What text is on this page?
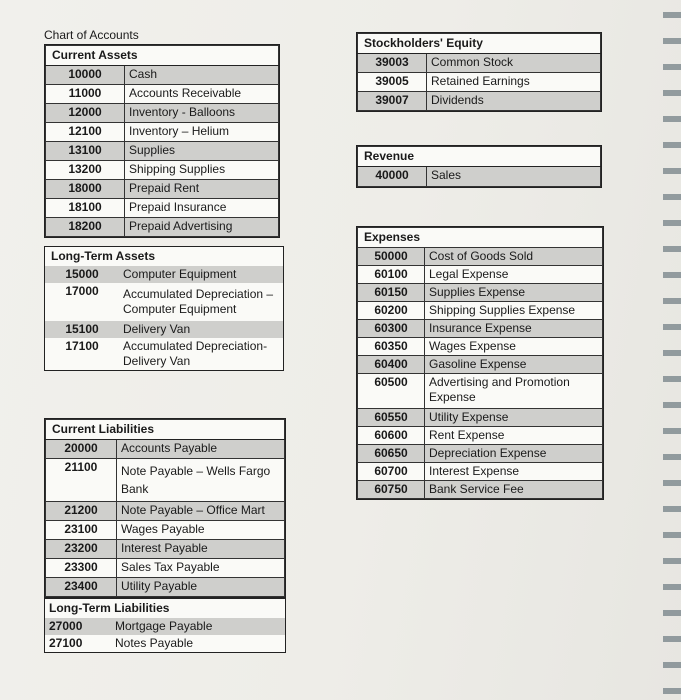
Chart of Accounts
Current Assets	
10000	Cash
11000	Accounts Receivable
12000	Inventory - Balloons
12100	Inventory – Helium
13100	Supplies
13200	Shipping Supplies
18000	Prepaid Rent
18100	Prepaid Insurance
18200	Prepaid Advertising
Long-Term Assets	
15000	Computer Equipment
17000	Accumulated Depreciation –Computer Equipment
15100	Delivery Van
17100	Accumulated Depreciation-Delivery Van
Current Liabilities	
20000	Accounts Payable
21100	Note Payable – Wells Fargo Bank
21200	Note Payable – Office Mart
23100	Wages Payable
23200	Interest Payable
23300	Sales Tax Payable
23400	Utility Payable
Long-Term Liabilities	
27000	Mortgage Payable
27100	Notes Payable
Stockholders' Equity	
39003	Common Stock
39005	Retained Earnings
39007	Dividends
Revenue
40000	Sales
Expenses	
50000	Cost of Goods Sold
60100	Legal Expense
60150	Supplies Expense
60200	Shipping Supplies Expense
60300	Insurance Expense
60350	Wages Expense
60400	Gasoline Expense
60500	Advertising and Promotion Expense
60550	Utility Expense
60600	Rent Expense
60650	Depreciation Expense
60700	Interest Expense
60750	Bank Service Fee
